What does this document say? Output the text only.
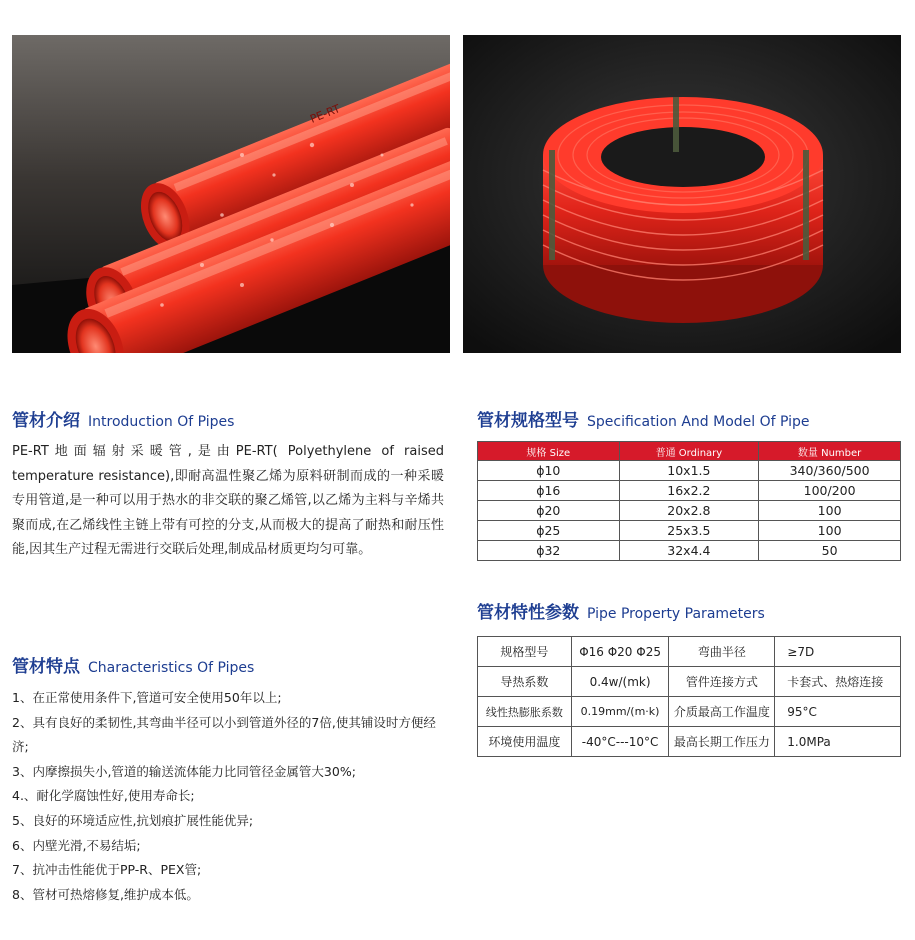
PE-RT
管材介绍 Introduction Of Pipes

PE-RT地面辐射采暖管,是由PE-RT( Polyethylene of raised temperature resistance),即耐高温性聚乙烯为原料研制而成的一种采暖专用管道,是一种可以用于热水的非交联的聚乙烯管,以乙烯为主料与辛烯共聚而成,在乙烯线性主链上带有可控的分支,从而极大的提高了耐热和耐压性能,因其生产过程无需进行交联后处理,制成品材质更均匀可靠。

管材特点 Characteristics Of Pipes
1、在正常使用条件下,管道可安全使用50年以上;
2、具有良好的柔韧性,其弯曲半径可以小到管道外径的7倍,使其铺设时方便经济;
3、内摩擦损失小,管道的输送流体能力比同管径金属管大30%;
4.、耐化学腐蚀性好,使用寿命长;
5、良好的环境适应性,抗划痕扩展性能优异;
6、内壁光滑,不易结垢;
7、抗冲击性能优于PP-R、PEX管;
8、管材可热熔修复,维护成本低。
管材规格型号 Specification And Model Of Pipe
规格 Size	普通 Ordinary	数量 Number
ϕ10	10x1.5	340/360/500
ϕ16	16x2.2	100/200
ϕ20	20x2.8	100
ϕ25	25x3.5	100
ϕ32	32x4.4	50
管材特性参数 Pipe Property Parameters
规格型号	Φ16 Φ20 Φ25	弯曲半径	≥7D
导热系数	0.4w/(mk)	管件连接方式	卡套式、热熔连接
线性热膨胀系数	0.19mm/(m·k)	介质最高工作温度	95°C
环境使用温度	-40°C---10°C	最高长期工作压力	1.0MPa
